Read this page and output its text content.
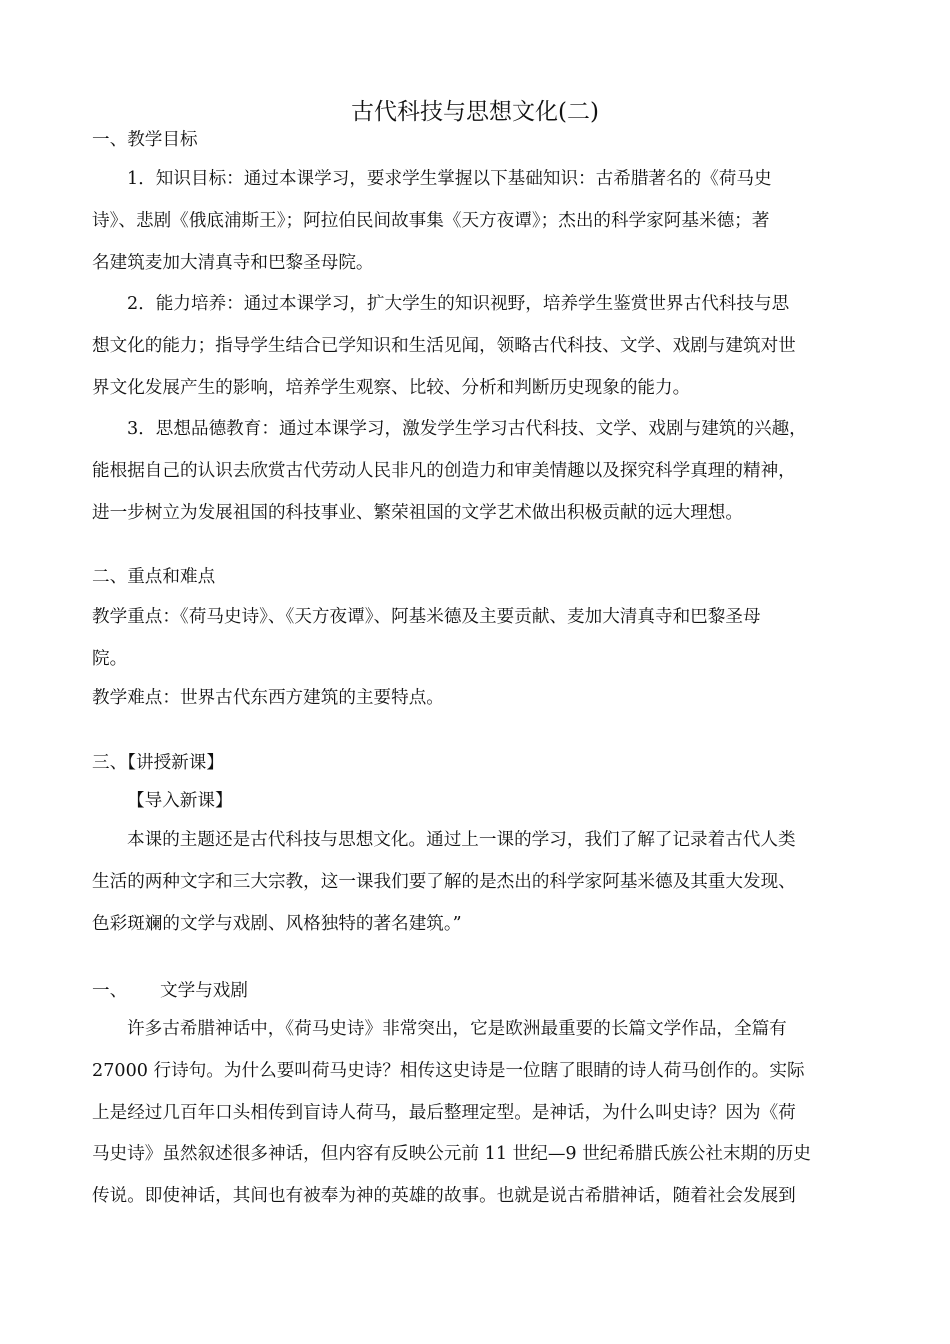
古代科技与思想文化(二)
一、教学目标
1．知识目标：通过本课学习，要求学生掌握以下基础知识：古希腊著名的《荷马史
诗》、悲剧《俄底浦斯王》；阿拉伯民间故事集《天方夜谭》；杰出的科学家阿基米德；著
名建筑麦加大清真寺和巴黎圣母院。
2．能力培养：通过本课学习，扩大学生的知识视野，培养学生鉴赏世界古代科技与思
想文化的能力；指导学生结合已学知识和生活见闻，领略古代科技、文学、戏剧与建筑对世
界文化发展产生的影响，培养学生观察、比较、分析和判断历史现象的能力。
3．思想品德教育：通过本课学习，激发学生学习古代科技、文学、戏剧与建筑的兴趣，
能根据自己的认识去欣赏古代劳动人民非凡的创造力和审美情趣以及探究科学真理的精神，
进一步树立为发展祖国的科技事业、繁荣祖国的文学艺术做出积极贡献的远大理想。
二、重点和难点
教学重点：《荷马史诗》、《天方夜谭》、阿基米德及主要贡献、麦加大清真寺和巴黎圣母
院。
教学难点：世界古代东西方建筑的主要特点。
三、【讲授新课】
【导入新课】
本课的主题还是古代科技与思想文化。通过上一课的学习，我们了解了记录着古代人类
生活的两种文字和三大宗教，这一课我们要了解的是杰出的科学家阿基米德及其重大发现、
色彩斑斓的文学与戏剧、风格独特的著名建筑。”
一、 文学与戏剧
许多古希腊神话中，《荷马史诗》非常突出，它是欧洲最重要的长篇文学作品，全篇有
27000 行诗句。为什么要叫荷马史诗？相传这史诗是一位瞎了眼睛的诗人荷马创作的。实际
上是经过几百年口头相传到盲诗人荷马，最后整理定型。是神话，为什么叫史诗？因为《荷
马史诗》虽然叙述很多神话，但内容有反映公元前 11 世纪—9 世纪希腊氏族公社末期的历史
传说。即使神话，其间也有被奉为神的英雄的故事。也就是说古希腊神话，随着社会发展到
